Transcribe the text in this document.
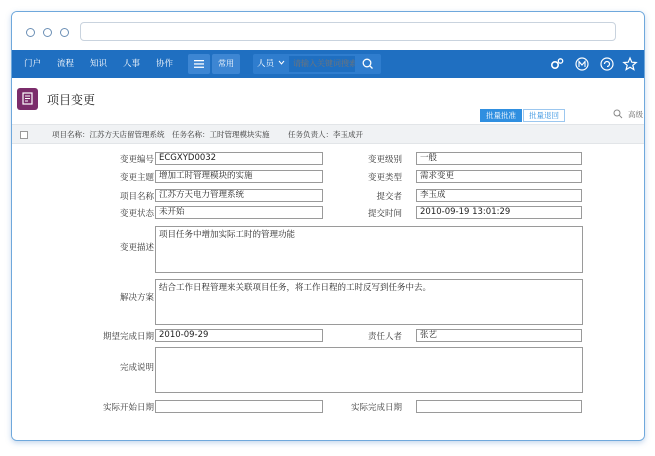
门户 流程 知识 人事 协作	常用	人员
请输入关键词搜索
项目变更
批量批准	批量退回	高级
项目名称：江苏方天店留管理系统 任务名称：工时管理模块实施 任务负责人：李玉成开
变更编号 ECGXYD0032	变更级别	一般
变更主题 增加工时管理模块的实施	变更类型	需求变更
项目名称 江苏方天电力管理系统	提交者	李玉成
变更状态 未开始	提交时间	2010-09-19 13:01:29
变更描述
项目任务中增加实际工时的管理功能
解决方案
结合工作日程管理来关联项目任务，将工作日程的工时反写到任务中去。
期望完成日期 2010-09-29	责任人者	张艺
完成说明
实际开始日期	实际完成日期
